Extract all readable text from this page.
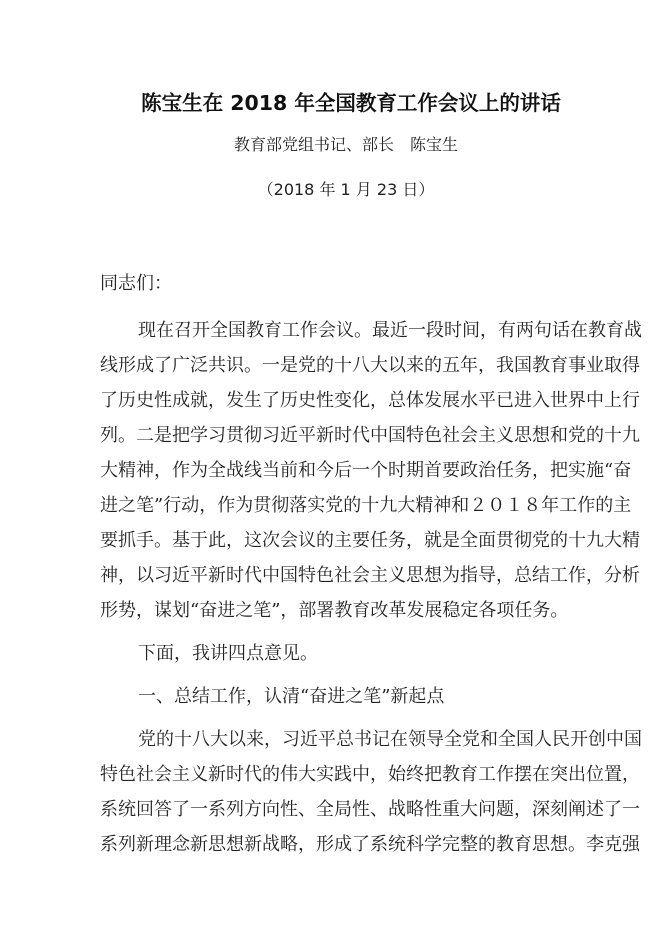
陈宝生在 2018 年全国教育工作会议上的讲话
教育部党组书记、部长　陈宝生
（2018 年 1 月 23 日）
同志们：
现在召开全国教育工作会议。最近一段时间，有两句话在教育战
线形成了广泛共识。一是党的十八大以来的五年，我国教育事业取得
了历史性成就，发生了历史性变化，总体发展水平已进入世界中上行
列。二是把学习贯彻习近平新时代中国特色社会主义思想和党的十九
大精神，作为全战线当前和今后一个时期首要政治任务，把实施“奋
进之笔”行动，作为贯彻落实党的十九大精神和２０１８年工作的主
要抓手。基于此，这次会议的主要任务，就是全面贯彻党的十九大精
神，以习近平新时代中国特色社会主义思想为指导，总结工作，分析
形势，谋划“奋进之笔”，部署教育改革发展稳定各项任务。
下面，我讲四点意见。
一、总结工作，认清“奋进之笔”新起点
党的十八大以来，习近平总书记在领导全党和全国人民开创中国
特色社会主义新时代的伟大实践中，始终把教育工作摆在突出位置，
系统回答了一系列方向性、全局性、战略性重大问题，深刻阐述了一
系列新理念新思想新战略，形成了系统科学完整的教育思想。李克强
